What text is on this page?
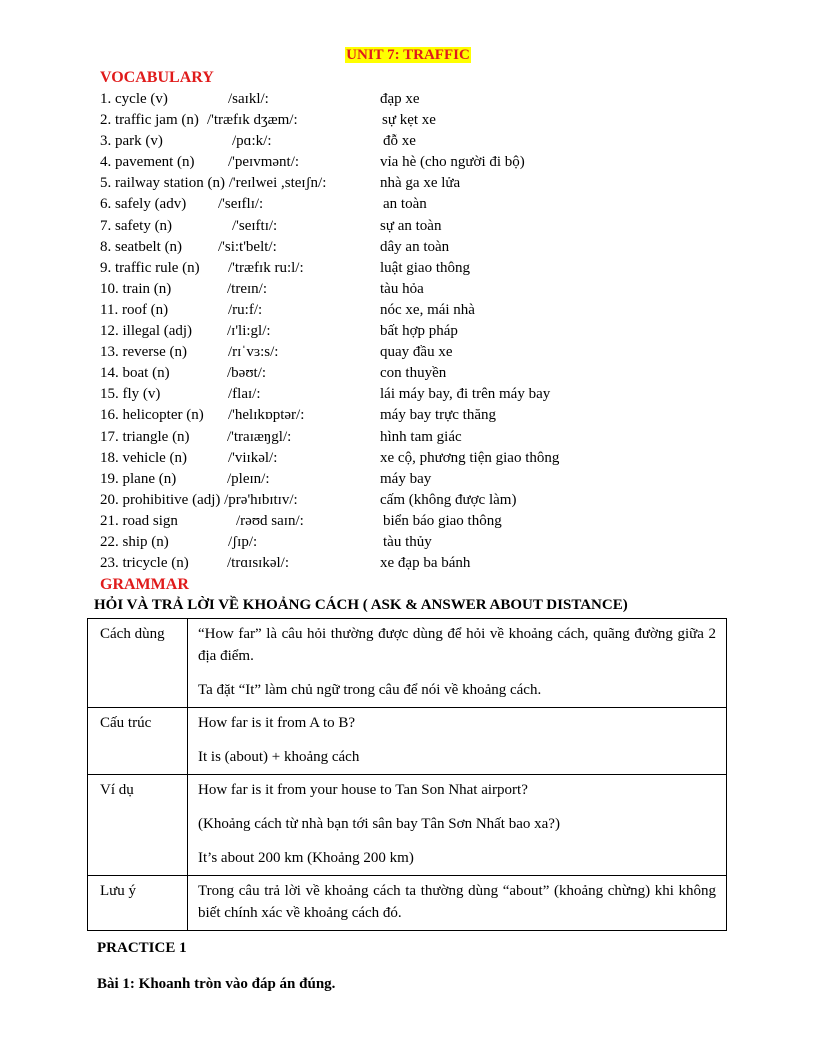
UNIT 7: TRAFFIC
VOCABULARY
1. cycle (v)	/saɪkl/:	đạp xe
2. traffic jam (n) /'træfɪk dʒæm/:	sự kẹt xe
3. park (v)	/pɑ:k/:	đỗ xe
4. pavement (n) /'peɪvmənt/:	vỉa hè (cho người đi bộ)
5. railway station (n) /'reɪlwei ,steɪʃn/:	nhà ga xe lửa
6. safely (adv) /'seɪflɪ/:	an toàn
7. safety (n)	/'seɪftɪ/:	sự an toàn
8. seatbelt (n) /'si:t'belt/:	dây an toàn
9. traffic rule (n) /'træfɪk ru:l/:	luật giao thông
10. train (n)	/treɪn/:	tàu hỏa
11. roof (n)	/ru:f/:	nóc xe, mái nhà
12. illegal (adj) /ɪ'li:gl/:	bất hợp pháp
13. reverse (n)	/rɪˈvɜ:s/:	quay đầu xe
14. boat (n)	/bəʊt/:	con thuyền
15. fly (v)	/flaɪ/:	lái máy bay, đi trên máy bay
16. helicopter (n) /'helɪkɒptər/:	máy bay trực thăng
17. triangle (n) /'traɪæŋgl/:	hình tam giác
18. vehicle (n)	/'viɪkəl/:	xe cộ, phương tiện giao thông
19. plane (n)	/pleɪn/:	máy bay
20. prohibitive (adj) /prə'hɪbɪtɪv/:	cấm (không được làm)
21. road sign	/rəʊd saɪn/:	biển báo giao thông
22. ship (n)	/ʃɪp/:	tàu thủy
23. tricycle (n)	/trɑɪsɪkəl/:	xe đạp ba bánh
GRAMMAR
HỎI VÀ TRẢ LỜI VỀ KHOẢNG CÁCH ( ASK & ANSWER ABOUT DISTANCE)
Cách dùng	“How far” là câu hỏi thường được dùng để hỏi về khoảng cách, quãng đường giữa 2 địa điểm.

Ta đặt “It” làm chủ ngữ trong câu để nói về khoảng cách.

Cấu trúc	How far is it from A to B?

It is (about) + khoảng cách

Ví dụ	How far is it from your house to Tan Son Nhat airport?

(Khoảng cách từ nhà bạn tới sân bay Tân Sơn Nhất bao xa?)

It’s about 200 km (Khoảng 200 km)

Lưu ý	Trong câu trả lời về khoảng cách ta thường dùng “about” (khoảng chừng) khi không biết chính xác về khoảng cách đó.

PRACTICE 1
Bài 1: Khoanh tròn vào đáp án đúng.
